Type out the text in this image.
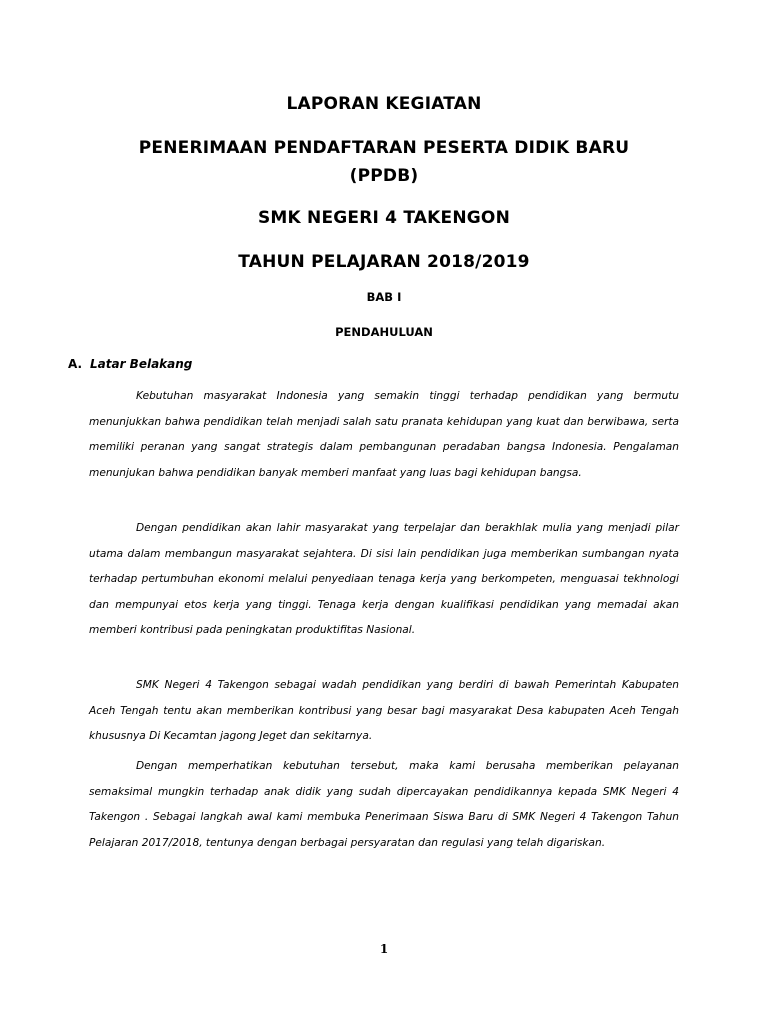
LAPORAN KEGIATAN
PENERIMAAN PENDAFTARAN PESERTA DIDIK BARU
(PPDB)
SMK NEGERI 4 TAKENGON
TAHUN PELAJARAN 2018/2019
BAB I
PENDAHULUAN
A. Latar Belakang

Kebutuhan masyarakat Indonesia yang semakin tinggi terhadap pendidikan yang bermutu menunjukkan bahwa pendidikan telah menjadi salah satu pranata kehidupan yang kuat dan berwibawa, serta memiliki peranan yang sangat strategis dalam pembangunan peradaban bangsa Indonesia. Pengalaman menunjukan bahwa pendidikan banyak memberi manfaat yang luas bagi kehidupan bangsa.

Dengan pendidikan akan lahir masyarakat yang terpelajar dan berakhlak mulia yang menjadi pilar utama dalam membangun masyarakat sejahtera. Di sisi lain pendidikan juga memberikan sumbangan nyata terhadap pertumbuhan ekonomi melalui penyediaan tenaga kerja yang berkompeten, menguasai tekhnologi dan mempunyai etos kerja yang tinggi. Tenaga kerja dengan kualifikasi pendidikan yang memadai akan memberi kontribusi pada peningkatan produktifitas Nasional.

SMK Negeri 4 Takengon sebagai wadah pendidikan yang berdiri di bawah Pemerintah Kabupaten Aceh Tengah tentu akan memberikan kontribusi yang besar bagi masyarakat Desa kabupaten Aceh Tengah khususnya Di Kecamtan jagong Jeget dan sekitarnya.

Dengan memperhatikan kebutuhan tersebut, maka kami berusaha memberikan pelayanan semaksimal mungkin terhadap anak didik yang sudah dipercayakan pendidikannya kepada SMK Negeri 4 Takengon . Sebagai langkah awal kami membuka Penerimaan Siswa Baru di SMK Negeri 4 Takengon Tahun Pelajaran 2017/2018, tentunya dengan berbagai persyaratan dan regulasi yang telah digariskan.

1
